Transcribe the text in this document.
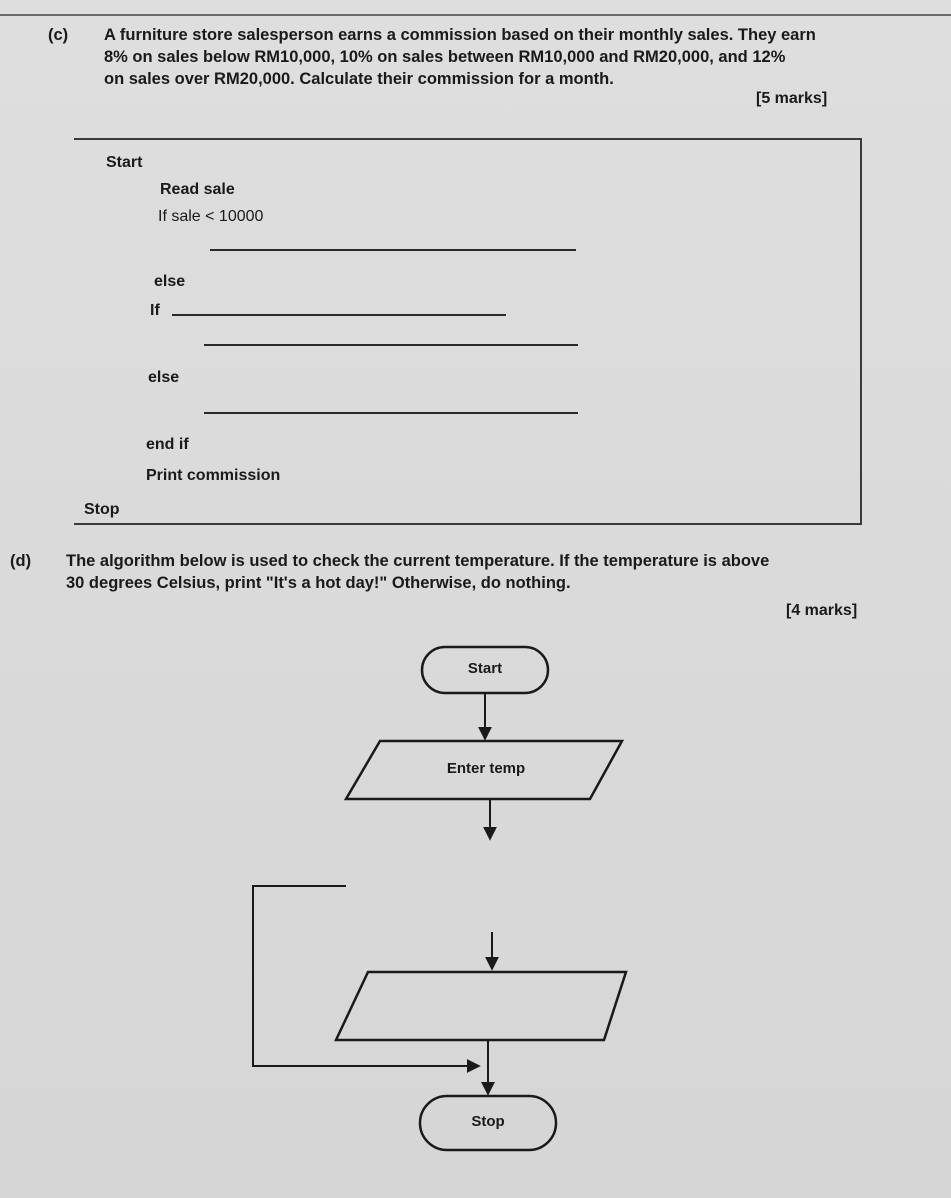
(c) A furniture store salesperson earns a commission based on their monthly sales. They earn
8% on sales below RM10,000, 10% on sales between RM10,000 and RM20,000, and 12%
on sales over RM20,000. Calculate their commission for a month.
[5 marks]
Start
Read sale
If sale < 10000
else
If
else
end if
Print commission
Stop
(d) The algorithm below is used to check the current temperature. If the temperature is above
30 degrees Celsius, print "It's a hot day!" Otherwise, do nothing.
[4 marks]
Start
Enter temp
Stop
